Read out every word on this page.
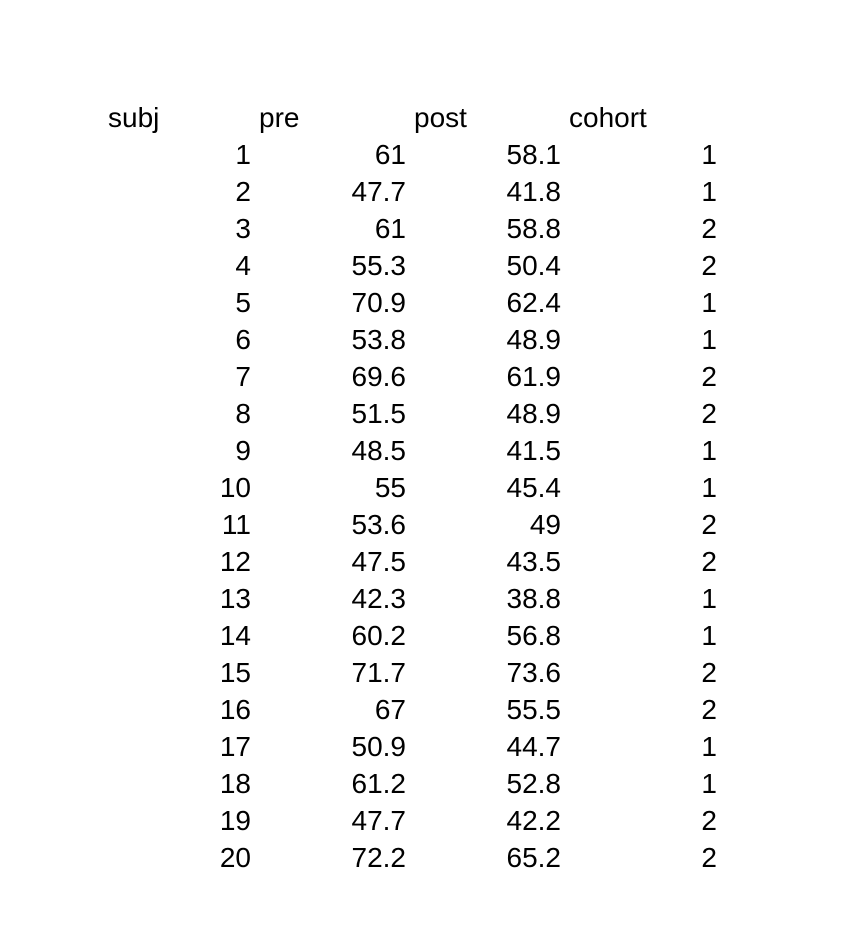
subj	pre	post	cohort
1	61	58.1	1
2	47.7	41.8	1
3	61	58.8	2
4	55.3	50.4	2
5	70.9	62.4	1
6	53.8	48.9	1
7	69.6	61.9	2
8	51.5	48.9	2
9	48.5	41.5	1
10	55	45.4	1
11	53.6	49	2
12	47.5	43.5	2
13	42.3	38.8	1
14	60.2	56.8	1
15	71.7	73.6	2
16	67	55.5	2
17	50.9	44.7	1
18	61.2	52.8	1
19	47.7	42.2	2
20	72.2	65.2	2
